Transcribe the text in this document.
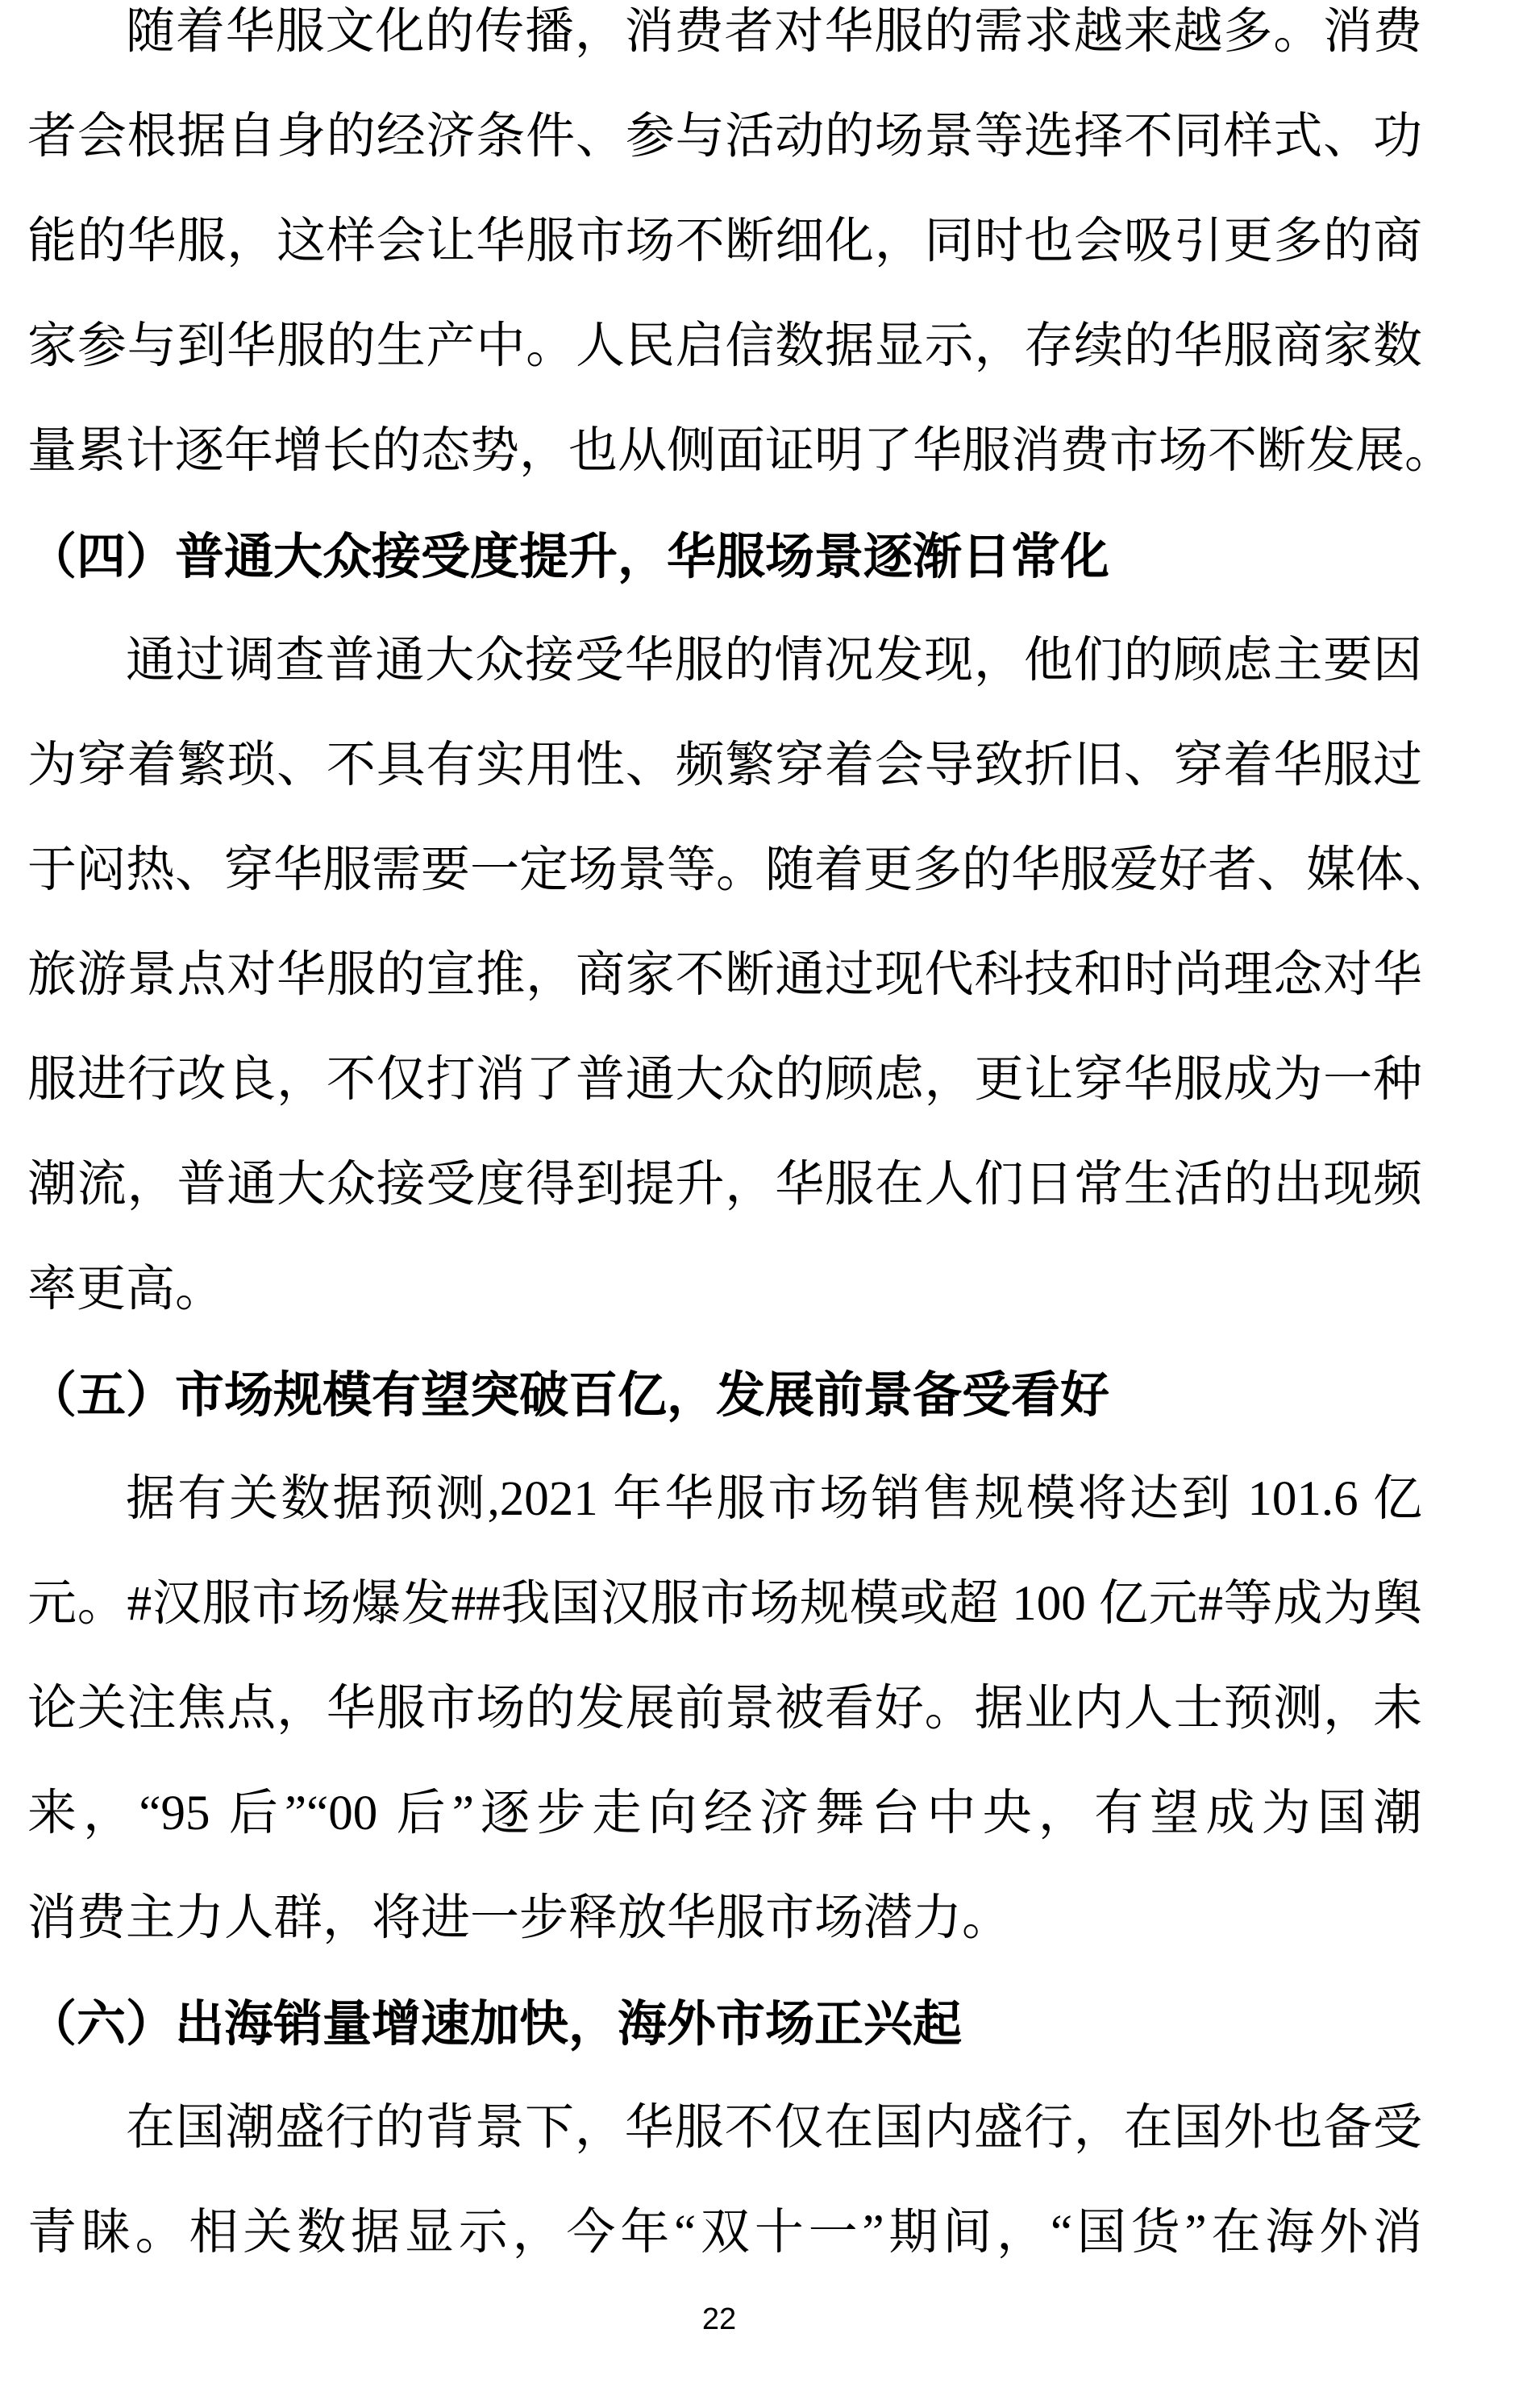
随着华服文化的传播，消费者对华服的需求越来越多。消费
者会根据自身的经济条件、参与活动的场景等选择不同样式、功
能的华服，这样会让华服市场不断细化，同时也会吸引更多的商
家参与到华服的生产中。人民启信数据显示，存续的华服商家数
量累计逐年增长的态势，也从侧面证明了华服消费市场不断发展。
（四）普通大众接受度提升，华服场景逐渐日常化
通过调查普通大众接受华服的情况发现，他们的顾虑主要因
为穿着繁琐、不具有实用性、频繁穿着会导致折旧、穿着华服过
于闷热、穿华服需要一定场景等。随着更多的华服爱好者、媒体、
旅游景点对华服的宣推，商家不断通过现代科技和时尚理念对华
服进行改良，不仅打消了普通大众的顾虑，更让穿华服成为一种
潮流，普通大众接受度得到提升，华服在人们日常生活的出现频
率更高。
（五）市场规模有望突破百亿，发展前景备受看好
据有关数据预测,2021 年华服市场销售规模将达到 101.6 亿
元。#汉服市场爆发##我国汉服市场规模或超 100 亿元#等成为舆
论关注焦点，华服市场的发展前景被看好。据业内人士预测，未
来，“95 后”“00 后”逐步走向经济舞台中央，有望成为国潮
消费主力人群，将进一步释放华服市场潜力。
（六）出海销量增速加快，海外市场正兴起
在国潮盛行的背景下，华服不仅在国内盛行，在国外也备受
青睐。相关数据显示，今年“双十一”期间，“国货”在海外消
22
